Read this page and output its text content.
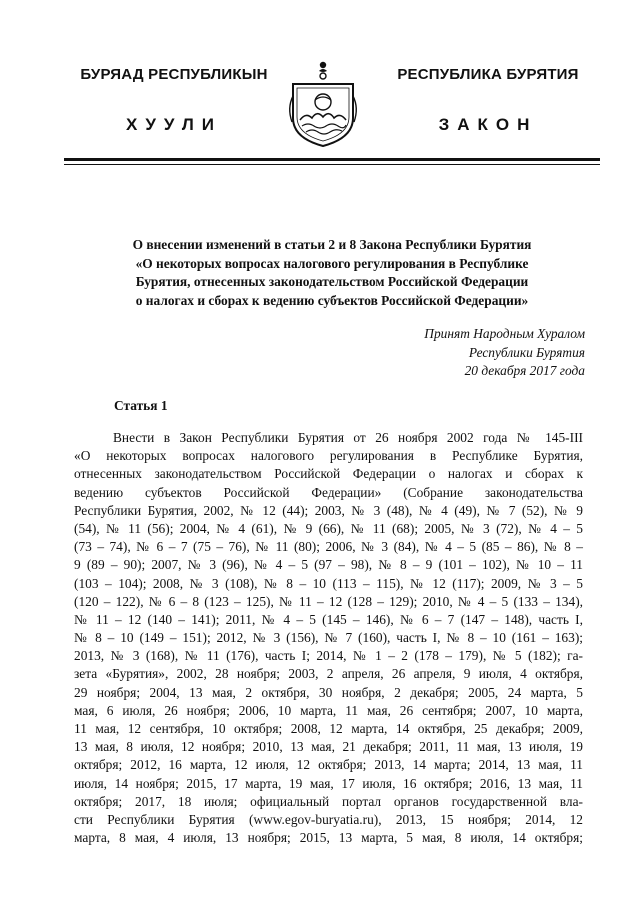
БУРЯАД РЕСПУБЛИКЫН
ХУУЛИ
РЕСПУБЛИКА БУРЯТИЯ
ЗАКОН
О внесении изменений в статьи 2 и 8 Закона Республики Бурятия
«О некоторых вопросах налогового регулирования в Республике
Бурятия, отнесенных законодательством Российской Федерации
о налогах и сборах к ведению субъектов Российской Федерации»
Принят Народным Хуралом
Республики Бурятия
20 декабря 2017 года
Статья 1
Внести в Закон Республики Бурятия от 26 ноября 2002 года № 145-III
«О некоторых вопросах налогового регулирования в Республике Бурятия,
отнесенных законодательством Российской Федерации о налогах и сборах к
ведению субъектов Российской Федерации» (Собрание законодательства
Республики Бурятия, 2002, № 12 (44); 2003, № 3 (48), № 4 (49), № 7 (52), № 9
(54), № 11 (56); 2004, № 4 (61), № 9 (66), № 11 (68); 2005, № 3 (72), № 4 – 5
(73 – 74), № 6 – 7 (75 – 76), № 11 (80); 2006, № 3 (84), № 4 – 5 (85 – 86), № 8 –
9 (89 – 90); 2007, № 3 (96), № 4 – 5 (97 – 98), № 8 – 9 (101 – 102), № 10 – 11
(103 – 104); 2008, № 3 (108), № 8 – 10 (113 – 115), № 12 (117); 2009, № 3 – 5
(120 – 122), № 6 – 8 (123 – 125), № 11 – 12 (128 – 129); 2010, № 4 – 5 (133 – 134),
№ 11 – 12 (140 – 141); 2011, № 4 – 5 (145 – 146), № 6 – 7 (147 – 148), часть I,
№ 8 – 10 (149 – 151); 2012, № 3 (156), № 7 (160), часть I, № 8 – 10 (161 – 163);
2013, № 3 (168), № 11 (176), часть I; 2014, № 1 – 2 (178 – 179), № 5 (182); га-
зета «Бурятия», 2002, 28 ноября; 2003, 2 апреля, 26 апреля, 9 июля, 4 октября,
29 ноября; 2004, 13 мая, 2 октября, 30 ноября, 2 декабря; 2005, 24 марта, 5
мая, 6 июля, 26 ноября; 2006, 10 марта, 11 мая, 26 сентября; 2007, 10 марта,
11 мая, 12 сентября, 10 октября; 2008, 12 марта, 14 октября, 25 декабря; 2009,
13 мая, 8 июля, 12 ноября; 2010, 13 мая, 21 декабря; 2011, 11 мая, 13 июля, 19
октября; 2012, 16 марта, 12 июля, 12 октября; 2013, 14 марта; 2014, 13 мая, 11
июля, 14 ноября; 2015, 17 марта, 19 мая, 17 июля, 16 октября; 2016, 13 мая, 11
октября; 2017, 18 июля; официальный портал органов государственной вла-
сти Республики Бурятия (www.egov-buryatia.ru), 2013, 15 ноября; 2014, 12
марта, 8 мая, 4 июля, 13 ноября; 2015, 13 марта, 5 мая, 8 июля, 14 октября;
